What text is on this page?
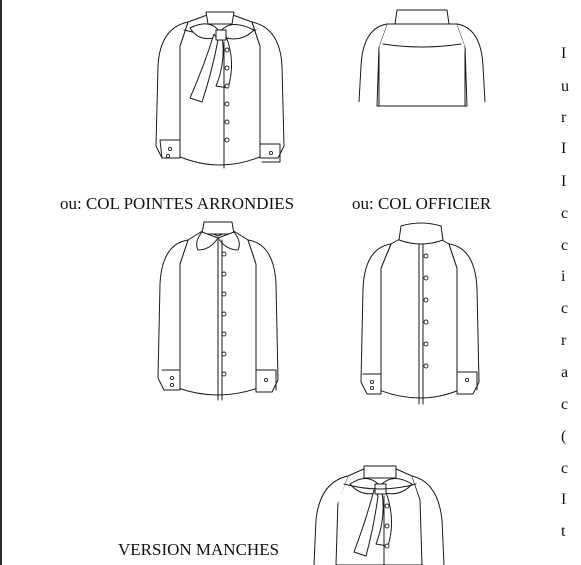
ou: COL POINTES ARRONDIES	ou: COL OFFICIER
VERSION MANCHES
I
u
r
I
I
c
c
i
c
r
a
c
(
c
I
t
